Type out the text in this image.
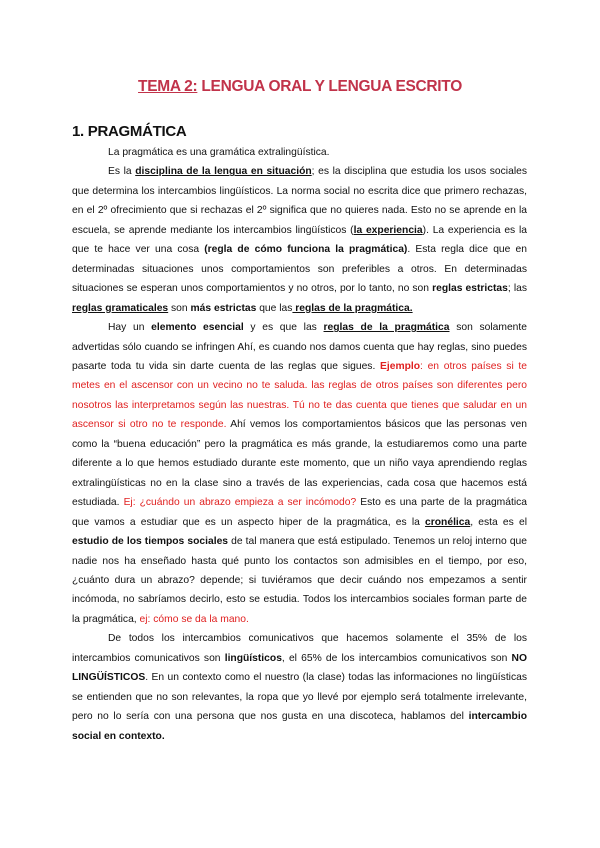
TEMA 2: LENGUA ORAL Y LENGUA ESCRITO
1. PRAGMÁTICA

La pragmática es una gramática extralingüística.

Es la disciplina de la lengua en situación; es la disciplina que estudia los usos sociales que determina los intercambios lingüísticos. La norma social no escrita dice que primero rechazas, en el 2º ofrecimiento que si rechazas el 2º significa que no quieres nada. Esto no se aprende en la escuela, se aprende mediante los intercambios lingüísticos (la experiencia). La experiencia es la que te hace ver una cosa (regla de cómo funciona la pragmática). Esta regla dice que en determinadas situaciones unos comportamientos son preferibles a otros. En determinadas situaciones se esperan unos comportamientos y no otros, por lo tanto, no son reglas estrictas; las reglas gramaticales son más estrictas que las reglas de la pragmática.

Hay un elemento esencial y es que las reglas de la pragmática son solamente advertidas sólo cuando se infringen Ahí, es cuando nos damos cuenta que hay reglas, sino puedes pasarte toda tu vida sin darte cuenta de las reglas que sigues. Ejemplo: en otros países si te metes en el ascensor con un vecino no te saluda. las reglas de otros países son diferentes pero nosotros las interpretamos según las nuestras. Tú no te das cuenta que tienes que saludar en un ascensor si otro no te responde. Ahí vemos los comportamientos básicos que las personas ven como la “buena educación” pero la pragmática es más grande, la estudiaremos como una parte diferente a lo que hemos estudiado durante este momento, que un niño vaya aprendiendo reglas extralingüísticas no en la clase sino a través de las experiencias, cada cosa que hacemos está estudiada. Ej: ¿cuándo un abrazo empieza a ser incómodo? Esto es una parte de la pragmática que vamos a estudiar que es un aspecto hiper de la pragmática, es la cronélica, esta es el estudio de los tiempos sociales de tal manera que está estipulado. Tenemos un reloj interno que nadie nos ha enseñado hasta qué punto los contactos son admisibles en el tiempo, por eso, ¿cuánto dura un abrazo? depende; si tuviéramos que decir cuándo nos empezamos a sentir incómoda, no sabríamos decirlo, esto se estudia. Todos los intercambios sociales forman parte de la pragmática, ej: cómo se da la mano.

De todos los intercambios comunicativos que hacemos solamente el 35% de los intercambios comunicativos son lingüísticos, el 65% de los intercambios comunicativos son NO LINGÜÍSTICOS. En un contexto como el nuestro (la clase) todas las informaciones no lingüísticas se entienden que no son relevantes, la ropa que yo llevé por ejemplo será totalmente irrelevante, pero no lo sería con una persona que nos gusta en una discoteca, hablamos del intercambio social en contexto.
